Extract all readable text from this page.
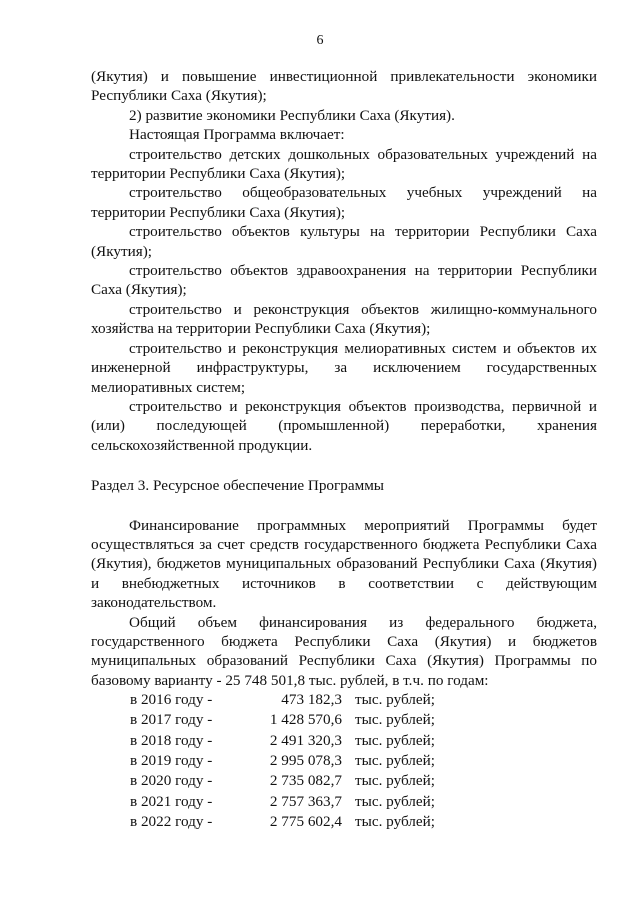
6

(Якутия) и повышение инвестиционной привлекательности экономики Республики Саха (Якутия);

2) развитие экономики Республики Саха (Якутия).

Настоящая Программа включает:

строительство детских дошкольных образовательных учреждений на территории Республики Саха (Якутия);

строительство общеобразовательных учебных учреждений на территории Республики Саха (Якутия);

строительство объектов культуры на территории Республики Саха (Якутия);

строительство объектов здравоохранения на территории Республики Саха (Якутия);

строительство и реконструкция объектов жилищно-коммунального хозяйства на территории Республики Саха (Якутия);

строительство и реконструкция мелиоративных систем и объектов их инженерной инфраструктуры, за исключением государственных мелиоративных систем;

строительство и реконструкция объектов производства, первичной и (или) последующей (промышленной) переработки, хранения сельскохозяйственной продукции.

Раздел 3. Ресурсное обеспечение Программы

Финансирование программных мероприятий Программы будет осуществляться за счет средств государственного бюджета Республики Саха (Якутия), бюджетов муниципальных образований Республики Саха (Якутия) и внебюджетных источников в соответствии с действующим законодательством.

Общий объем финансирования из федерального бюджета, государственного бюджета Республики Саха (Якутия) и бюджетов муниципальных образований Республики Саха (Якутия) Программы по базовому варианту - 25 748 501,8 тыс. рублей, в т.ч. по годам:

в 2016 году -	473 182,3 тыс. рублей;
в 2017 году -	1 428 570,6 тыс. рублей;
в 2018 году -	2 491 320,3 тыс. рублей;
в 2019 году -	2 995 078,3 тыс. рублей;
в 2020 году -	2 735 082,7 тыс. рублей;
в 2021 году -	2 757 363,7 тыс. рублей;
в 2022 году -	2 775 602,4 тыс. рублей;
